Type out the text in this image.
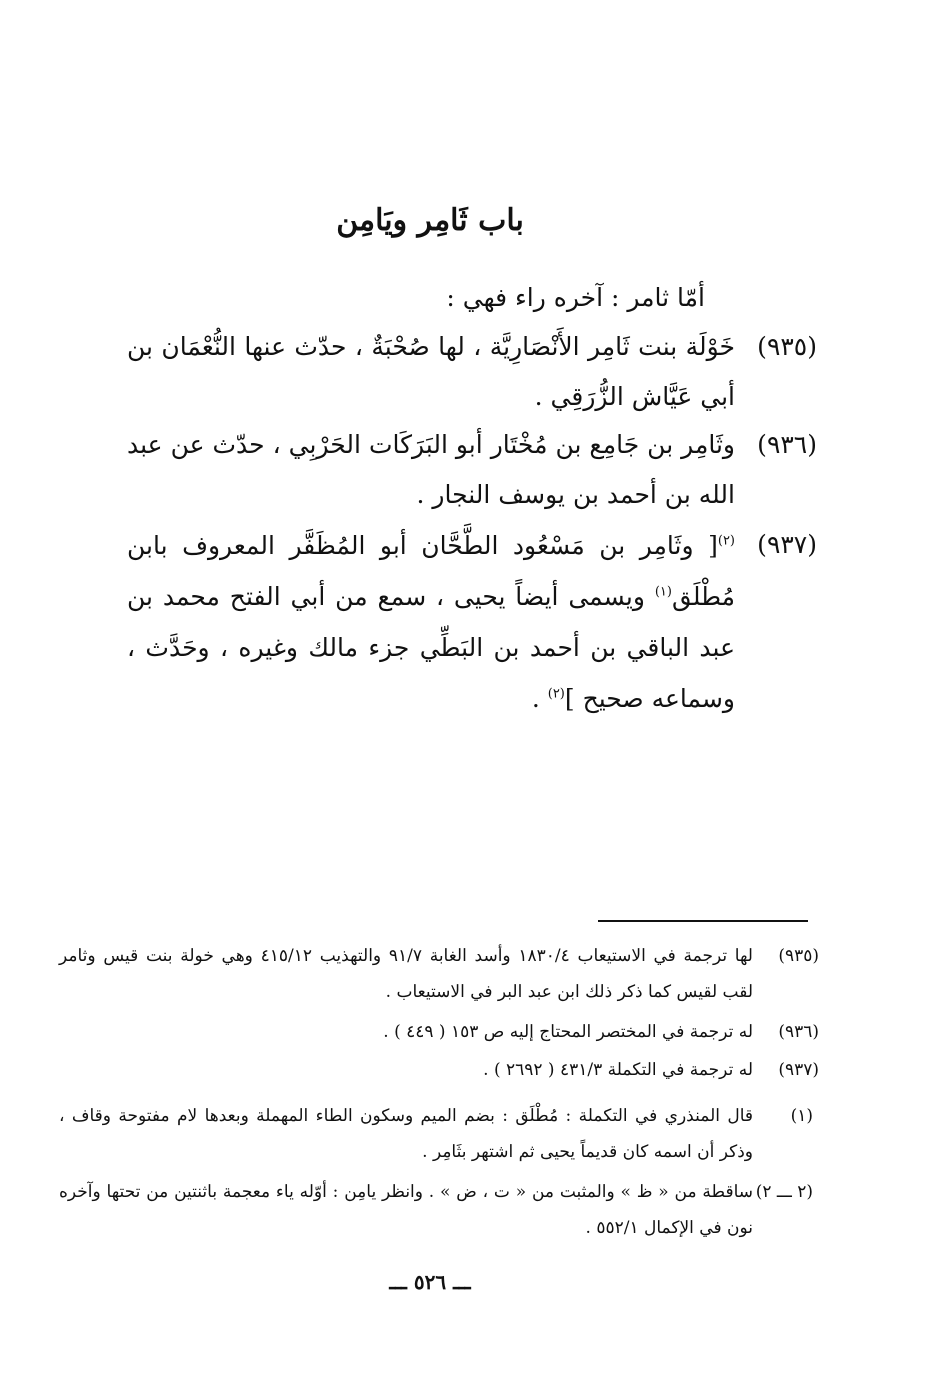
باب ثَامِر ويَامِن
أمّا ثامر : آخره راء فهي :
(٩٣٥)
خَوْلَة بنت ثَامِر الأَنْصَارِيَّة ، لها صُحْبَةٌ ، حدّث عنها النُّعْمَان بن أبي عَيَّاش الزُّرَقِي .
(٩٣٦)
وثَامِر بن جَامِع بن مُخْتَار أبو البَرَكَات الحَرْبِي ، حدّث عن عبد الله بن أحمد بن يوسف النجار .
(٩٣٧)
$^{(٢)}$[ وثَامِر بن مَسْعُود الطَّحَّان أبو المُظَفَّر المعروف بابن مُطْلَق$^{(١)}$ ويسمى أيضاً يحيى ، سمع من أبي الفتح محمد بن عبد الباقي بن أحمد بن البَطِّي جزء مالك وغيره ، وحَدَّث ، وسماعه صحيح ]$^{(٢)}$ .
(٩٣٥)
لها ترجمة في الاستيعاب ١٨٣٠/٤ وأسد الغابة ٩١/٧ والتهذيب ٤١٥/١٢ وهي خولة بنت قيس وثامر لقب لقيس كما ذكر ذلك ابن عبد البر في الاستيعاب .
(٩٣٦)
له ترجمة في المختصر المحتاج إليه ص ١٥٣ ( ٤٤٩ ) .
(٩٣٧)
له ترجمة في التكملة ٤٣١/٣ ( ٢٦٩٢ ) .
(١)
قال المنذري في التكملة : مُطْلَق : بضم الميم وسكون الطاء المهملة وبعدها لام مفتوحة وقاف ، وذكر أن اسمه كان قديماً يحيى ثم اشتهر بثَامِر .
(٢ ـــ ٢)
ساقطة من « ظ » والمثبت من « ت ، ض » . وانظر يامِن : أوّله ياء معجمة باثنتين من تحتها وآخره نون في الإكمال ٥٥٢/١ .
ـــ ٥٢٦ ـــ
